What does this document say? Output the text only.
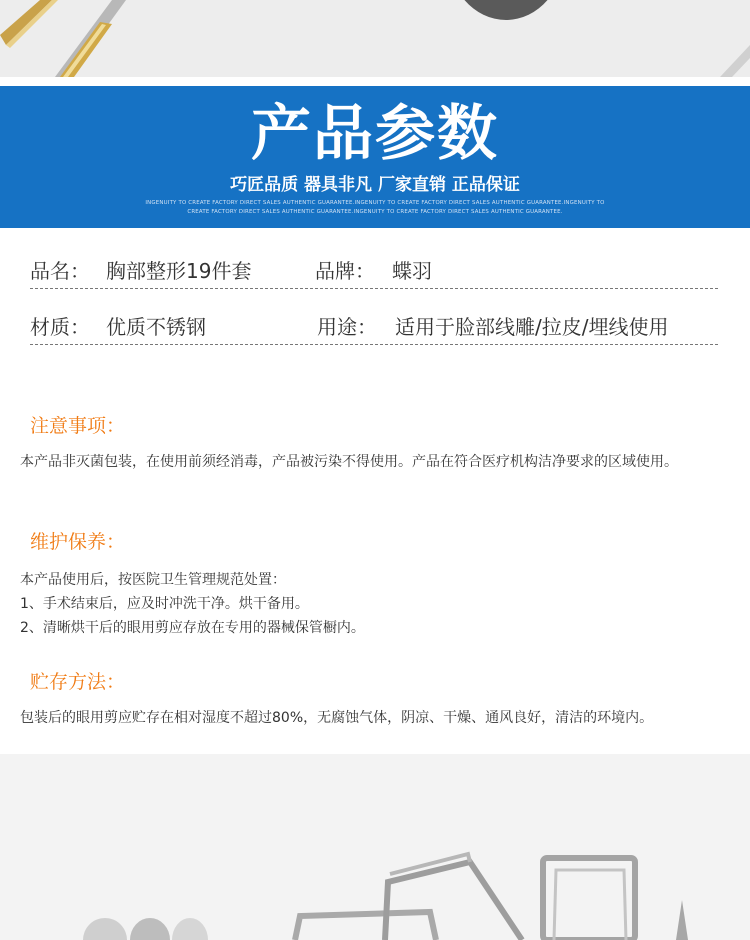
产品参数
巧匠品质 器具非凡 厂家直销 正品保证
INGENUITY TO CREATE FACTORY DIRECT SALES AUTHENTIC GUARANTEE.INGENUITY TO CREATE FACTORY DIRECT SALES AUTHENTIC GUARANTEE.INGENUITY TO
CREATE FACTORY DIRECT SALES AUTHENTIC GUARANTEE.INGENUITY TO CREATE FACTORY DIRECT SALES AUTHENTIC GUARANTEE.
品名： 胸部整形19件套	品牌： 蝶羽
材质： 优质不锈钢	用途： 适用于脸部线雕/拉皮/埋线使用
注意事项：

本产品非灭菌包装，在使用前须经消毒，产品被污染不得使用。产品在符合医疗机构洁净要求的区域使用。

维护保养：

本产品使用后，按医院卫生管理规范处置：

1、手术结束后，应及时冲洗干净。烘干备用。

2、清晰烘干后的眼用剪应存放在专用的器械保管橱内。

贮存方法：

包装后的眼用剪应贮存在相对湿度不超过80%，无腐蚀气体，阴凉、干燥、通风良好，清洁的环境内。
